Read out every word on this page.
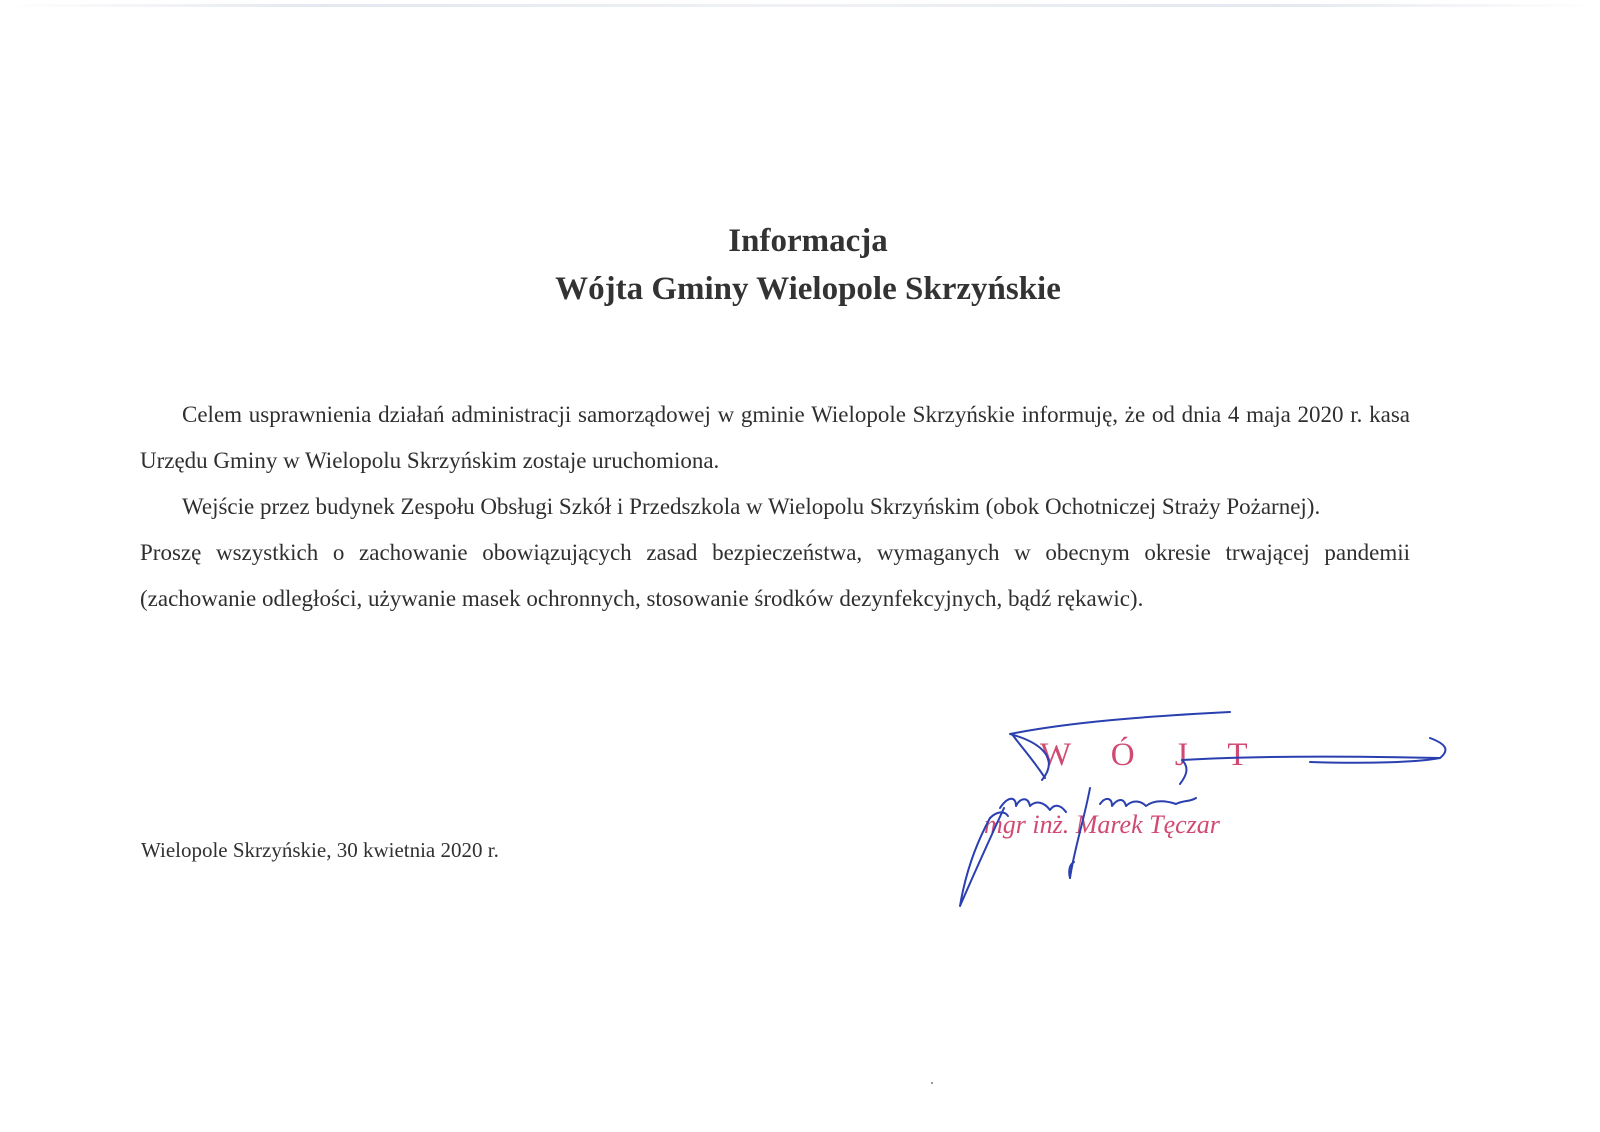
Informacja
Wójta Gminy Wielopole Skrzyńskie

Celem usprawnienia działań administracji samorządowej w gminie Wielopole Skrzyńskie informuję, że od dnia 4 maja 2020 r. kasa Urzędu Gminy w Wielopolu Skrzyńskim zostaje uruchomiona.

Wejście przez budynek Zespołu Obsługi Szkół i Przedszkola w Wielopolu Skrzyńskim (obok Ochotniczej Straży Pożarnej).

Proszę wszystkich o zachowanie obowiązujących zasad bezpieczeństwa, wymaganych w obecnym okresie trwającej pandemii (zachowanie odległości, używanie masek ochronnych, stosowanie środków dezynfekcyjnych, bądź rękawic).

Wielopole Skrzyńskie, 30 kwietnia 2020 r.
W Ó J T
mgr inż. Marek Tęczar
